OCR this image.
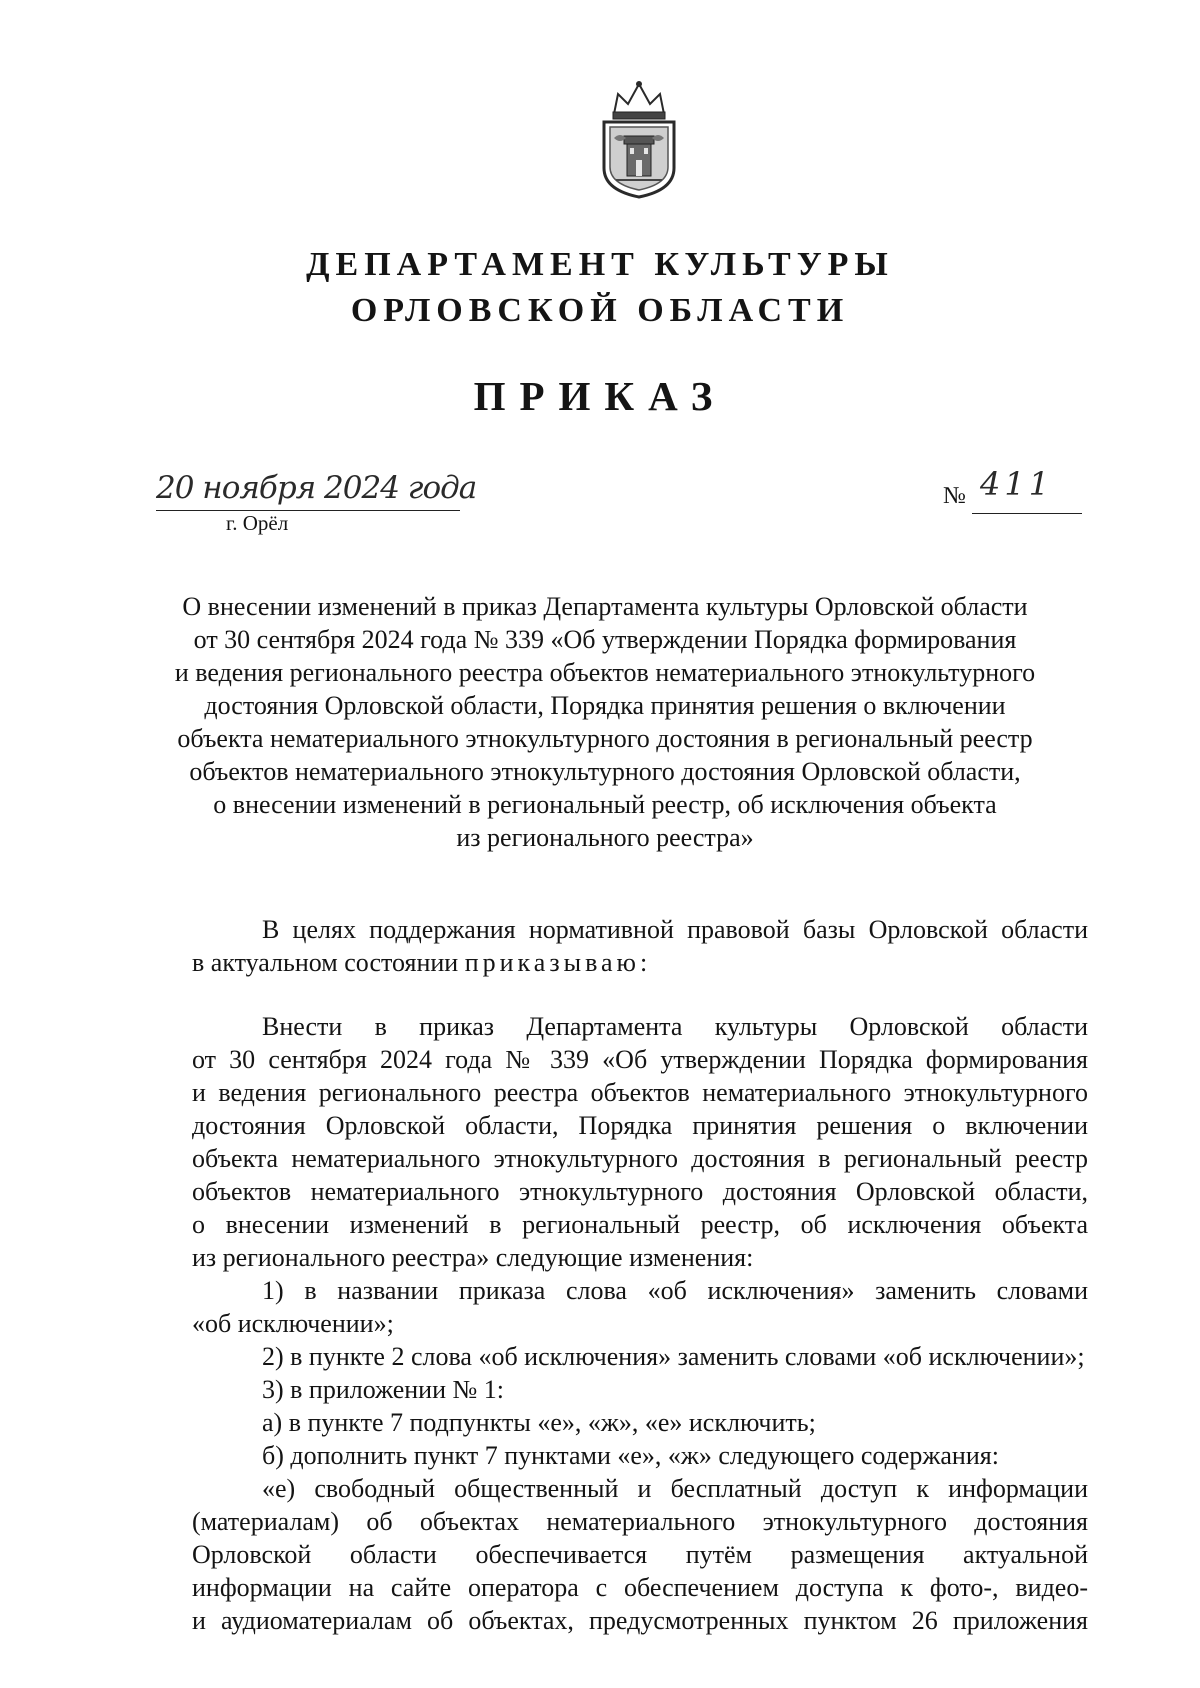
ДЕПАРТАМЕНТ КУЛЬТУРЫ
ОРЛОВСКОЙ ОБЛАСТИ
ПРИКАЗ
20 ноября 2024 года
г. Орёл
№ 411
О внесении изменений в приказ Департамента культуры Орловской области
от 30 сентября 2024 года № 339 «Об утверждении Порядка формирования
и ведения регионального реестра объектов нематериального этнокультурного
достояния Орловской области, Порядка принятия решения о включении
объекта нематериального этнокультурного достояния в региональный реестр
объектов нематериального этнокультурного достояния Орловской области,
о внесении изменений в региональный реестр, об исключения объекта
из регионального реестра»
В целях поддержания нормативной правовой базы Орловской области
в актуальном состоянии приказываю:
Внести в приказ Департамента культуры Орловской области
от 30 сентября 2024 года № 339 «Об утверждении Порядка формирования
и ведения регионального реестра объектов нематериального этнокультурного
достояния Орловской области, Порядка принятия решения о включении
объекта нематериального этнокультурного достояния в региональный реестр
объектов нематериального этнокультурного достояния Орловской области,
о внесении изменений в региональный реестр, об исключения объекта
из регионального реестра» следующие изменения:
1) в названии приказа слова «об исключения» заменить словами
«об исключении»;
2) в пункте 2 слова «об исключения» заменить словами «об исключении»;
3) в приложении № 1:
а) в пункте 7 подпункты «е», «ж», «е» исключить;
б) дополнить пункт 7 пунктами «е», «ж» следующего содержания:
«е) свободный общественный и бесплатный доступ к информации
(материалам) об объектах нематериального этнокультурного достояния
Орловской области обеспечивается путём размещения актуальной
информации на сайте оператора с обеспечением доступа к фото-, видео-
и аудиоматериалам об объектах, предусмотренных пунктом 26 приложения
